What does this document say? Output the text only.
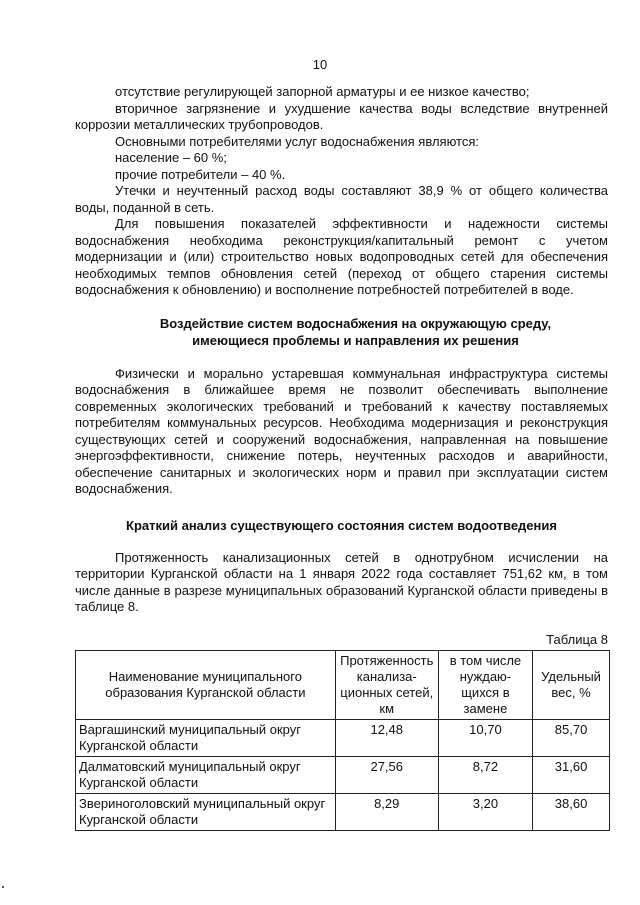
10

отсутствие регулирующей запорной арматуры и ее низкое качество;

вторичное загрязнение и ухудшение качества воды вследствие внутренней коррозии металлических трубопроводов.

Основными потребителями услуг водоснабжения являются:

население – 60 %;

прочие потребители – 40 %.

Утечки и неучтенный расход воды составляют 38,9 % от общего количества воды, поданной в сеть.

Для повышения показателей эффективности и надежности системы водоснабжения необходима реконструкция/капитальный ремонт с учетом модернизации и (или) строительство новых водопроводных сетей для обеспечения необходимых темпов обновления сетей (переход от общего старения системы водоснабжения к обновлению) и восполнение потребностей потребителей в воде.

Воздействие систем водоснабжения на окружающую среду,
имеющиеся проблемы и направления их решения

Физически и морально устаревшая коммунальная инфраструктура системы водоснабжения в ближайшее время не позволит обеспечивать выполнение современных экологических требований и требований к качеству поставляемых потребителям коммунальных ресурсов. Необходима модернизация и реконструкция существующих сетей и сооружений водоснабжения, направленная на повышение энергоэффективности, снижение потерь, неучтенных расходов и аварийности, обеспечение санитарных и экологических норм и правил при эксплуатации систем водоснабжения.

Краткий анализ существующего состояния систем водоотведения

Протяженность канализационных сетей в однотрубном исчислении на территории Курганской области на 1 января 2022 года составляет 751,62 км, в том числе данные в разрезе муниципальных образований Курганской области приведены в таблице 8.

Таблица 8

Наименование муниципального образования Курганской области	Протяженность канализа-ционных сетей, км	в том числе нуждаю-щихся в замене	Удельный вес, %
Варгашинский муниципальный округ Курганской области	12,48	10,70	85,70
Далматовский муниципальный округ Курганской области	27,56	8,72	31,60
Звериноголовский муниципальный округ Курганской области	8,29	3,20	38,60
